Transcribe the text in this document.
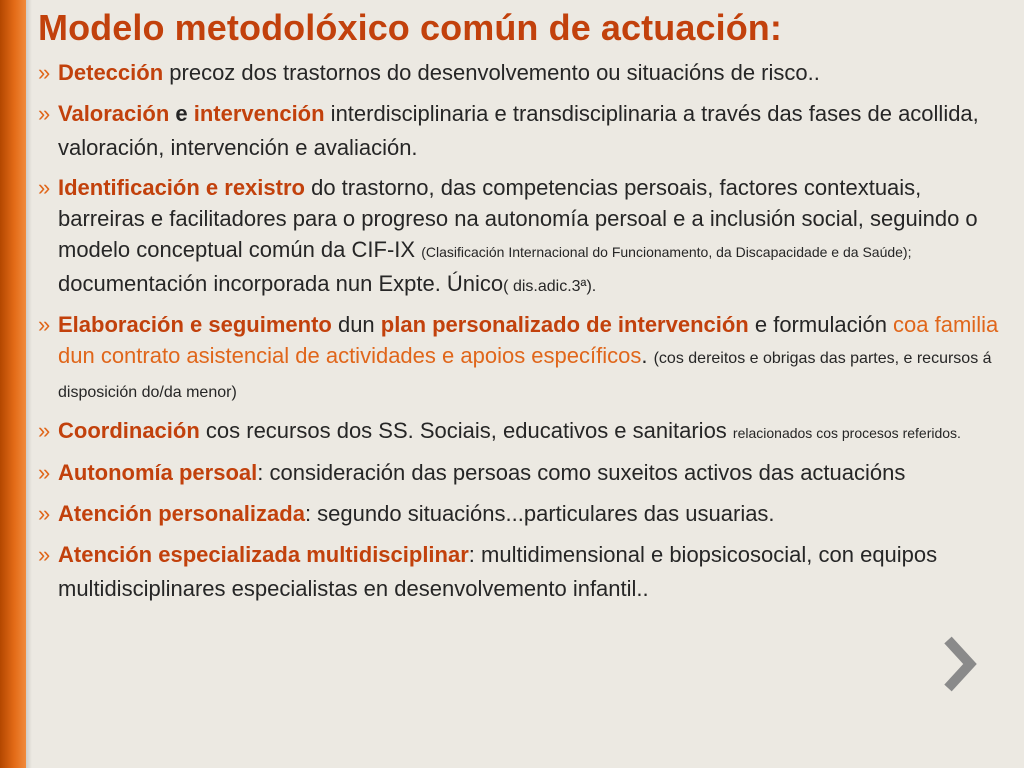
Modelo metodolóxico común de actuación:
» Detección precoz dos trastornos do desenvolvemento ou situacións de risco..
» Valoración e intervención interdisciplinaria e transdisciplinaria a través das fases de acollida, valoración, intervención e avaliación.
» Identificación e rexistro do trastorno, das competencias persoais, factores contextuais, barreiras e facilitadores para o progreso na autonomía persoal e a inclusión social, seguindo o modelo conceptual común da CIF-IX (Clasificación Internacional do Funcionamento, da Discapacidade e da Saúde); documentación incorporada nun Expte. Único( dis.adic.3ª).
» Elaboración e seguimento dun plan personalizado de intervención e formulación coa familia dun contrato asistencial de actividades e apoios específicos. (cos dereitos e obrigas das partes, e recursos á disposición do/da menor)
» Coordinación cos recursos dos SS. Sociais, educativos e sanitarios relacionados cos procesos referidos.
» Autonomía persoal: consideración das persoas como suxeitos activos das actuacións
» Atención personalizada: segundo situacións...particulares das usuarias.
» Atención especializada multidisciplinar: multidimensional e biopsicosocial, con equipos multidisciplinares especialistas en desenvolvemento infantil..
